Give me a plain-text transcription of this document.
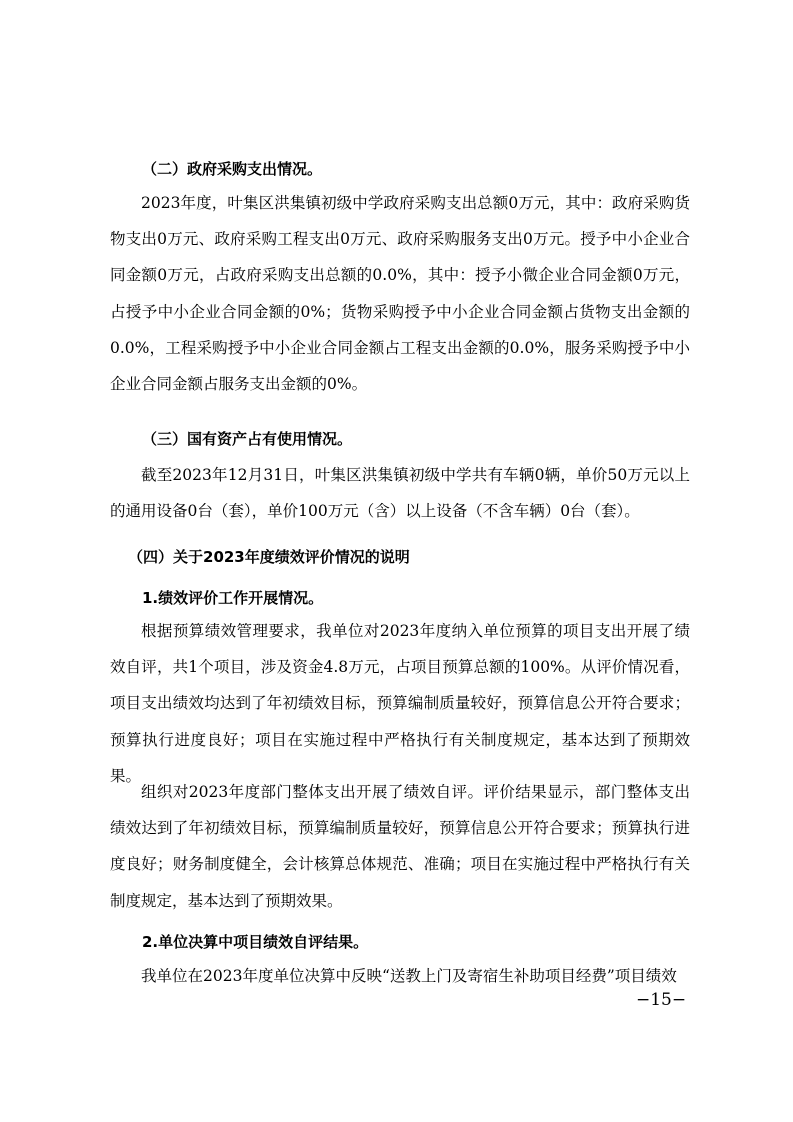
（二）政府采购支出情况。
2023年度，叶集区洪集镇初级中学政府采购支出总额0万元，其中：政府采购货物支出0万元、政府采购工程支出0万元、政府采购服务支出0万元。授予中小企业合同金额0万元，占政府采购支出总额的0.0%，其中：授予小微企业合同金额0万元，占授予中小企业合同金额的0%；货物采购授予中小企业合同金额占货物支出金额的0.0%，工程采购授予中小企业合同金额占工程支出金额的0.0%，服务采购授予中小企业合同金额占服务支出金额的0%。
（三）国有资产占有使用情况。
截至2023年12月31日，叶集区洪集镇初级中学共有车辆0辆，单价50万元以上的通用设备0台（套），单价100万元（含）以上设备（不含车辆）0台（套）。
（四）关于2023年度绩效评价情况的说明
1.绩效评价工作开展情况。
根据预算绩效管理要求，我单位对2023年度纳入单位预算的项目支出开展了绩效自评，共1个项目，涉及资金4.8万元，占项目预算总额的100%。从评价情况看，项目支出绩效均达到了年初绩效目标，预算编制质量较好，预算信息公开符合要求；预算执行进度良好；项目在实施过程中严格执行有关制度规定，基本达到了预期效果。
组织对2023年度部门整体支出开展了绩效自评。评价结果显示，部门整体支出绩效达到了年初绩效目标，预算编制质量较好，预算信息公开符合要求；预算执行进度良好；财务制度健全，会计核算总体规范、准确；项目在实施过程中严格执行有关制度规定，基本达到了预期效果。
2.单位决算中项目绩效自评结果。
我单位在2023年度单位决算中反映“送教上门及寄宿生补助项目经费”项目绩效
−15−
